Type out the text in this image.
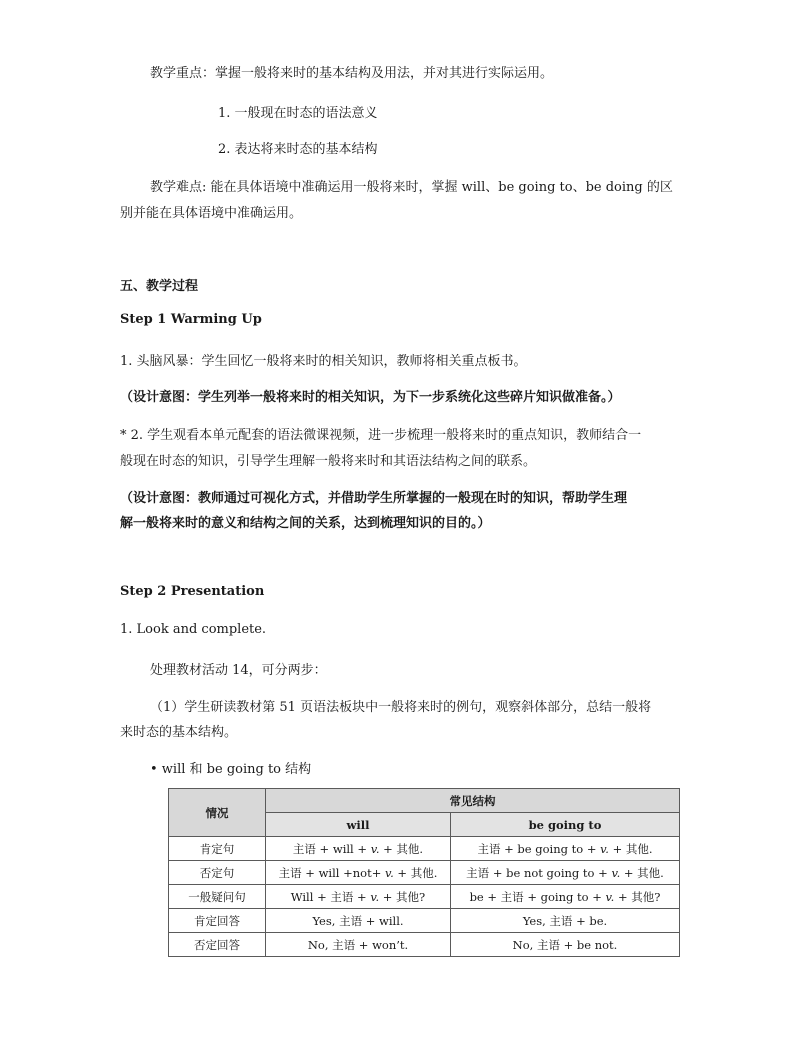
教学重点：掌握一般将来时的基本结构及用法，并对其进行实际运用。
1. 一般现在时态的语法意义
2. 表达将来时态的基本结构
教学难点: 能在具体语境中准确运用一般将来时，掌握 will、be going to、be doing 的区
别并能在具体语境中准确运用。
五、教学过程
Step 1 Warming Up
1. 头脑风暴：学生回忆一般将来时的相关知识，教师将相关重点板书。
（设计意图：学生列举一般将来时的相关知识，为下一步系统化这些碎片知识做准备。）
* 2. 学生观看本单元配套的语法微课视频，进一步梳理一般将来时的重点知识，教师结合一
般现在时态的知识，引导学生理解一般将来时和其语法结构之间的联系。
（设计意图：教师通过可视化方式，并借助学生所掌握的一般现在时的知识，帮助学生理
解一般将来时的意义和结构之间的关系，达到梳理知识的目的。）
Step 2 Presentation
1. Look and complete.
处理教材活动 14，可分两步：
（1）学生研读教材第 51 页语法板块中一般将来时的例句，观察斜体部分，总结一般将
来时态的基本结构。
• will 和 be going to 结构
情况	常见结构	
	will	be going to
肯定句	主语 + will + v. + 其他.	主语 + be going to + v. + 其他.
否定句	主语 + will +not+ v. + 其他.	主语 + be not going to + v. + 其他.
一般疑问句	Will + 主语 + v. + 其他?	be + 主语 + going to + v. + 其他?
肯定回答	Yes, 主语 + will.	Yes, 主语 + be.
否定回答	No, 主语 + won’t.	No, 主语 + be not.
